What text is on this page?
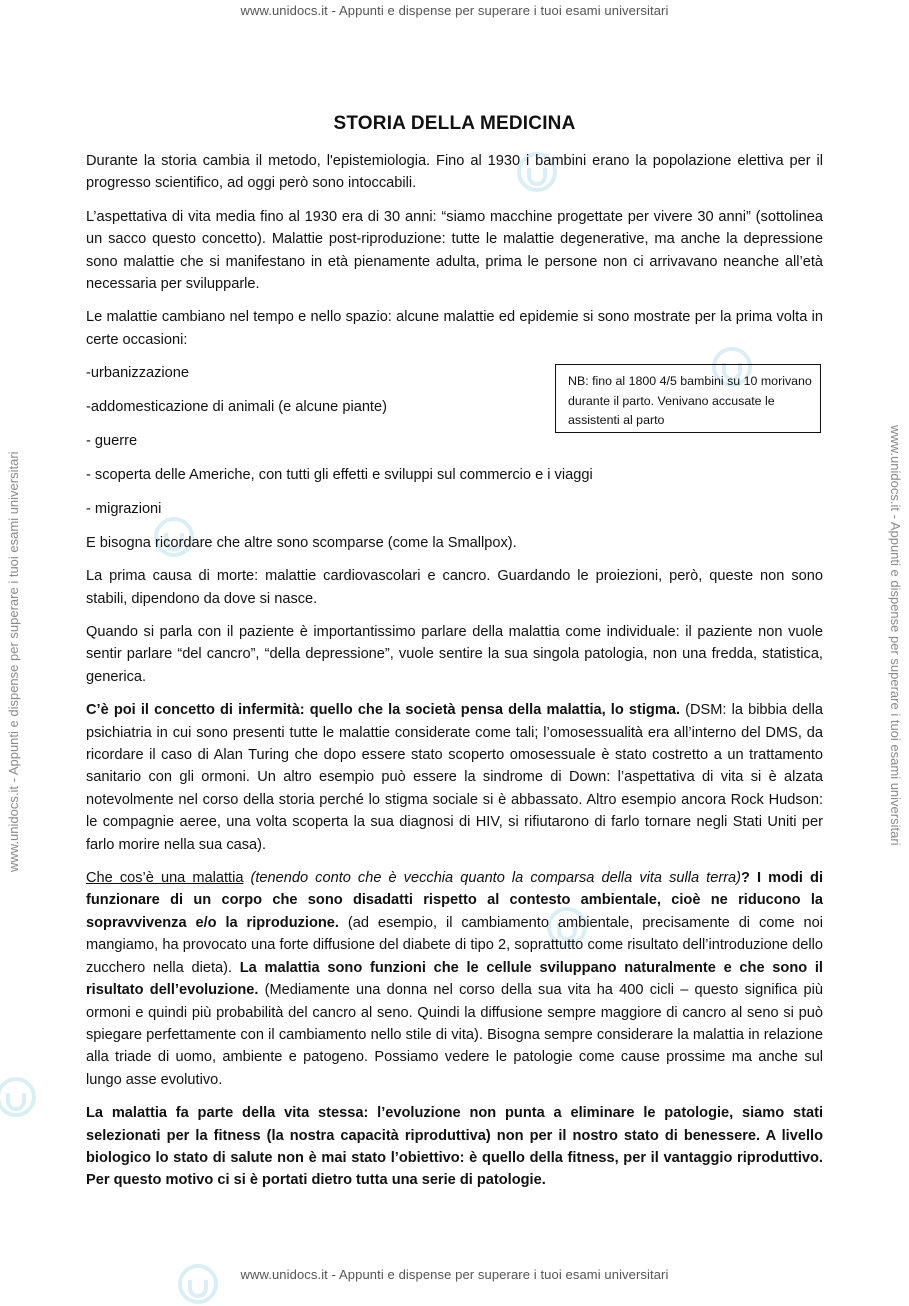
www.unidocs.it - Appunti e dispense per superare i tuoi esami universitari
www.unidocs.it - Appunti e dispense per superare i tuoi esami universitari
www.unidocs.it - Appunti e dispense per superare i tuoi esami universitari	www.unidocs.it - Appunti e dispense per superare i tuoi esami universitari
STORIA DELLA MEDICINA

Durante la storia cambia il metodo, l'epistemiologia. Fino al 1930 i bambini erano la popolazione elettiva per il progresso scientifico, ad oggi però sono intoccabili.

L’aspettativa di vita media fino al 1930 era di 30 anni: “siamo macchine progettate per vivere 30 anni” (sottolinea un sacco questo concetto). Malattie post-riproduzione: tutte le malattie degenerative, ma anche la depressione sono malattie che si manifestano in età pienamente adulta, prima le persone non ci arrivavano neanche all’età necessaria per svilupparle.

Le malattie cambiano nel tempo e nello spazio: alcune malattie ed epidemie si sono mostrate per la prima volta in certe occasioni:

-urbanizzazione

-addomesticazione di animali (e alcune piante)

- guerre

- scoperta delle Americhe, con tutti gli effetti e sviluppi sul commercio e i viaggi

- migrazioni

E bisogna ricordare che altre sono scomparse (come la Smallpox).

La prima causa di morte: malattie cardiovascolari e cancro. Guardando le proiezioni, però, queste non sono stabili, dipendono da dove si nasce.

Quando si parla con il paziente è importantissimo parlare della malattia come individuale: il paziente non vuole sentir parlare “del cancro”, “della depressione”, vuole sentire la sua singola patologia, non una fredda, statistica, generica.

C’è poi il concetto di infermità: quello che la società pensa della malattia, lo stigma. (DSM: la bibbia della psichiatria in cui sono presenti tutte le malattie considerate come tali; l’omosessualità era all’interno del DMS, da ricordare il caso di Alan Turing che dopo essere stato scoperto omosessuale è stato costretto a un trattamento sanitario con gli ormoni. Un altro esempio può essere la sindrome di Down: l’aspettativa di vita si è alzata notevolmente nel corso della storia perché lo stigma sociale si è abbassato. Altro esempio ancora Rock Hudson: le compagnie aeree, una volta scoperta la sua diagnosi di HIV, si rifiutarono di farlo tornare negli Stati Uniti per farlo morire nella sua casa).

Che cos’è una malattia (tenendo conto che è vecchia quanto la comparsa della vita sulla terra)? I modi di funzionare di un corpo che sono disadatti rispetto al contesto ambientale, cioè ne riducono la sopravvivenza e/o la riproduzione. (ad esempio, il cambiamento ambientale, precisamente di come noi mangiamo, ha provocato una forte diffusione del diabete di tipo 2, soprattutto come risultato dell’introduzione dello zucchero nella dieta). La malattia sono funzioni che le cellule sviluppano naturalmente e che sono il risultato dell’evoluzione. (Mediamente una donna nel corso della sua vita ha 400 cicli – questo significa più ormoni e quindi più probabilità del cancro al seno. Quindi la diffusione sempre maggiore di cancro al seno si può spiegare perfettamente con il cambiamento nello stile di vita). Bisogna sempre considerare la malattia in relazione alla triade di uomo, ambiente e patogeno. Possiamo vedere le patologie come cause prossime ma anche sul lungo asse evolutivo.

La malattia fa parte della vita stessa: l’evoluzione non punta a eliminare le patologie, siamo stati selezionati per la fitness (la nostra capacità riproduttiva) non per il nostro stato di benessere. A livello biologico lo stato di salute non è mai stato l’obiettivo: è quello della fitness, per il vantaggio riproduttivo. Per questo motivo ci si è portati dietro tutta una serie di patologie.

NB: fino al 1800 4/5 bambini su 10 morivano durante il parto. Venivano accusate le assistenti al parto
